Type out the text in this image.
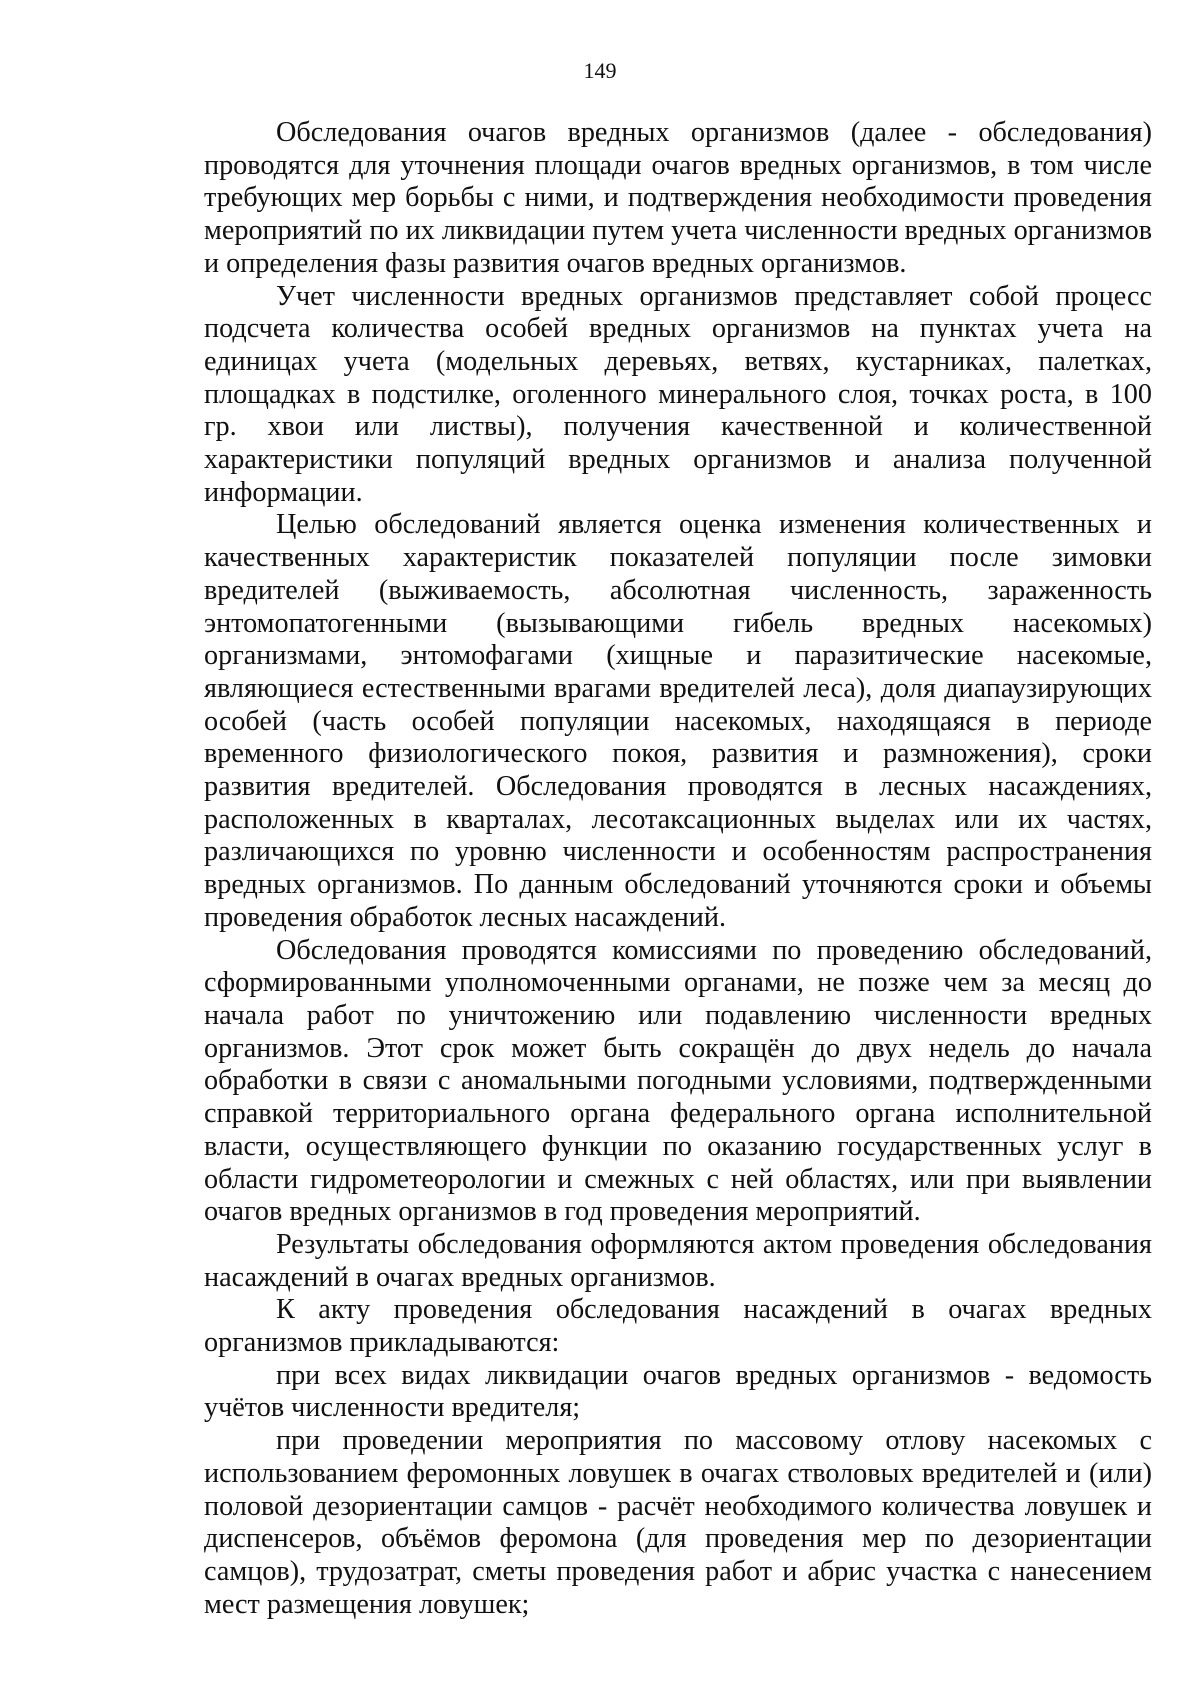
149

Обследования очагов вредных организмов (далее - обследования) проводятся для уточнения площади очагов вредных организмов, в том числе требующих мер борьбы с ними, и подтверждения необходимости проведения мероприятий по их ликвидации путем учета численности вредных организмов и определения фазы развития очагов вредных организмов.

Учет численности вредных организмов представляет собой процесс подсчета количества особей вредных организмов на пунктах учета на единицах учета (модельных деревьях, ветвях, кустарниках, палетках, площадках в подстилке, оголенного минерального слоя, точках роста, в 100 гр. хвои или листвы), получения качественной и количественной характеристики популяций вредных организмов и анализа полученной информации.

Целью обследований является оценка изменения количественных и качественных характеристик показателей популяции после зимовки вредителей (выживаемость, абсолютная численность, зараженность энтомопатогенными (вызывающими гибель вредных насекомых) организмами, энтомофагами (хищные и паразитические насекомые, являющиеся естественными врагами вредителей леса), доля диапаузирующих особей (часть особей популяции насекомых, находящаяся в периоде временного физиологического покоя, развития и размножения), сроки развития вредителей. Обследования проводятся в лесных насаждениях, расположенных в кварталах, лесотаксационных выделах или их частях, различающихся по уровню численности и особенностям распространения вредных организмов. По данным обследований уточняются сроки и объемы проведения обработок лесных насаждений.

Обследования проводятся комиссиями по проведению обследований, сформированными уполномоченными органами, не позже чем за месяц до начала работ по уничтожению или подавлению численности вредных организмов. Этот срок может быть сокращён до двух недель до начала обработки в связи с аномальными погодными условиями, подтвержденными справкой территориального органа федерального органа исполнительной власти, осуществляющего функции по оказанию государственных услуг в области гидрометеорологии и смежных с ней областях, или при выявлении очагов вредных организмов в год проведения мероприятий.

Результаты обследования оформляются актом проведения обследования насаждений в очагах вредных организмов.

К акту проведения обследования насаждений в очагах вредных организмов прикладываются:

при всех видах ликвидации очагов вредных организмов - ведомость учётов численности вредителя;

при проведении мероприятия по массовому отлову насекомых с использованием феромонных ловушек в очагах стволовых вредителей и (или) половой дезориентации самцов - расчёт необходимого количества ловушек и диспенсеров, объёмов феромона (для проведения мер по дезориентации самцов), трудозатрат, сметы проведения работ и абрис участка с нанесением мест размещения ловушек;
